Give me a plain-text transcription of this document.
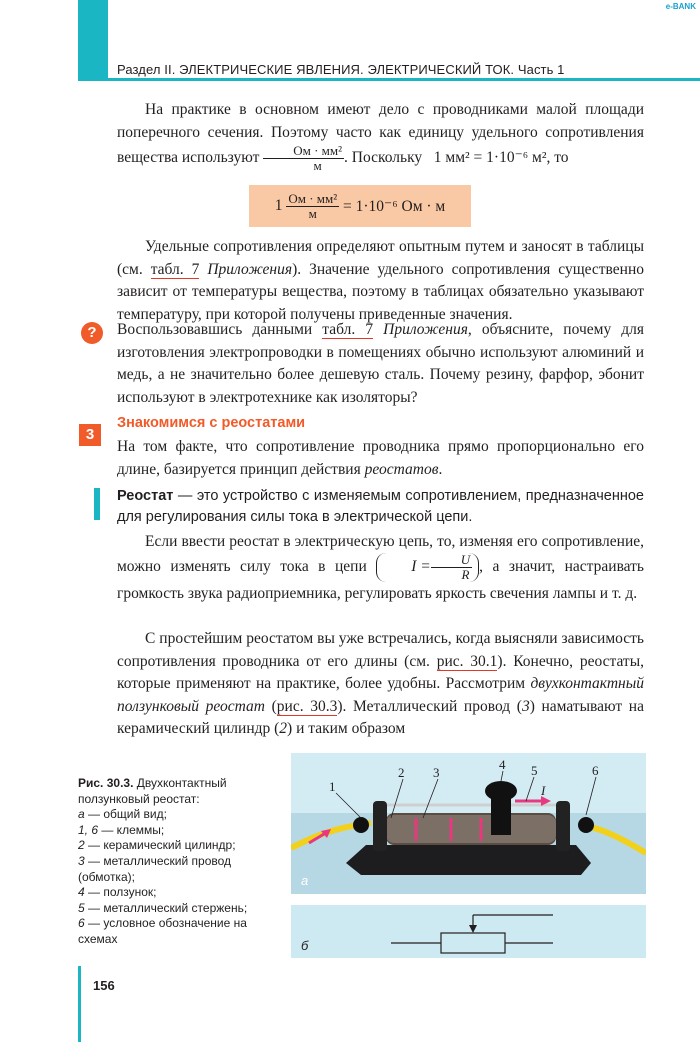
Раздел II. ЭЛЕКТРИЧЕСКИЕ ЯВЛЕНИЯ. ЭЛЕКТРИЧЕСКИЙ ТОК. Часть 1
e-BANK
На практике в основном имеют дело с проводниками малой площади поперечного сечения. Поэтому часто как единицу удельного сопротивления вещества используют $\frac{\text{Ом · мм²}}{м}$ . Поскольку 1 мм² = 1·10⁻⁶ м², то
1
$\frac{\text{Ом · мм²}}{м}$
= 1·10⁻⁶ Ом · м
Удельные сопротивления определяют опытным путем и заносят в таблицы (см. табл. 7 Приложения). Значение удельного сопротивления существенно зависит от температуры вещества, поэтому в таблицах обязательно указывают температуру, при которой получены приведенные значения.
?	Воспользовавшись данными табл. 7 Приложения, объясните, почему для изготовления электропроводки в помещениях обычно используют алюминий и медь, а не значительно более дешевую сталь. Почему резину, фарфор, эбонит используют в электротехнике как изоляторы?
3
Знакомимся с реостатами
На том факте, что сопротивление проводника прямо пропорционально его длине, базируется принцип действия реостатов.
Реостат — это устройство с изменяемым сопротивлением, предназначенное для регулирования силы тока в электрической цепи.
Если ввести реостат в электрическую цепь, то, изменяя его сопротивление, можно изменять силу тока в цепи	$I = \frac{U}{R}$ , а значит, настраивать громкость звука радиоприемника, регулировать яркость свечения лампы и т. д.
С простейшим реостатом вы уже встречались, когда выясняли зависимость сопротивления проводника от его длины (см. рис. 30.1). Конечно, реостаты, которые применяют на практике, более удобны. Рассмотрим двухконтактный ползунковый реостат (рис. 30.3). Металлический провод (3) наматывают на керамический цилиндр (2) и таким образом
Рис. 30.3. Двухконтактный ползунковый реостат:
а — общий вид;
1, 6 — клеммы;
2 — керамический цилиндр;
3 — металлический провод (обмотка);
4 — ползунок;
5 — металлический стержень;
6 — условное обозначение на схемах
1
2 3
4 5	6
I
а
б
156
